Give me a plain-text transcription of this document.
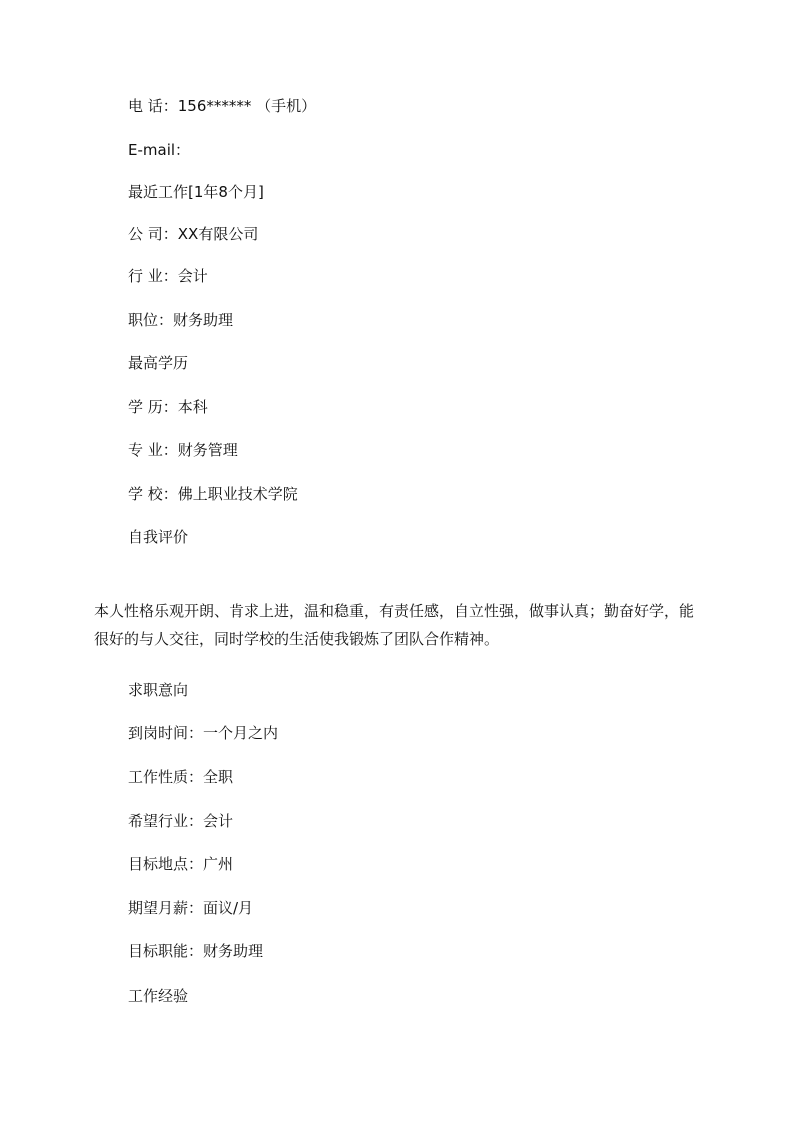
电 话：156****** （手机）
E-mail：
最近工作[1年8个月]
公 司：XX有限公司
行 业：会计
职位：财务助理
最高学历
学 历：本科
专 业：财务管理
学 校：佛上职业技术学院
自我评价
本人性格乐观开朗、肯求上进，温和稳重，有责任感，自立性强，做事认真；勤奋好学，能很好的与人交往，同时学校的生活使我锻炼了团队合作精神。
求职意向
到岗时间：一个月之内
工作性质：全职
希望行业：会计
目标地点：广州
期望月薪：面议/月
目标职能：财务助理
工作经验
